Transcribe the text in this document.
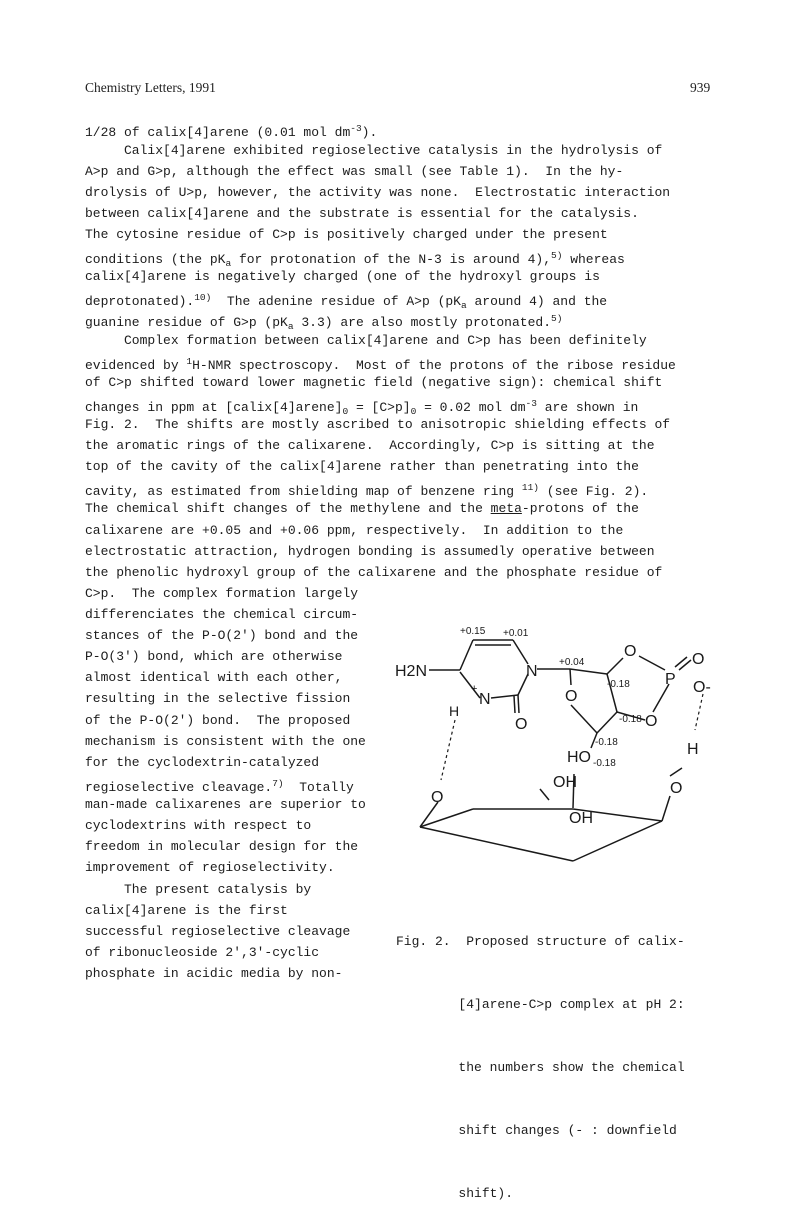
Chemistry Letters, 1991	939

1/28 of calix[4]arene (0.01 mol $dm^{-3}$).

Calix[4]arene exhibited regioselective catalysis in the hydrolysis of

A>p and G>p, although the effect was small (see Table 1).  In the hy-

drolysis of U>p, however, the activity was none.  Electrostatic interaction

between calix[4]arene and the substrate is essential for the catalysis.

The cytosine residue of C>p is positively charged under the present

conditions (the $pK_a$ for protonation of the N-3 is around 4),$^{5)}$ whereas

calix[4]arene is negatively charged (one of the hydroxyl groups is

deprotonated).$^{10)}$  The adenine residue of A>p ($pK_a$ around 4) and the

guanine residue of G>p ($pK_a$ 3.3) are also mostly protonated.$^{5)}$

Complex formation between calix[4]arene and C>p has been definitely

evidenced by $^1$H-NMR spectroscopy.  Most of the protons of the ribose residue

of C>p shifted toward lower magnetic field (negative sign): chemical shift

changes in ppm at $[calix[4]arene]_0 = [C>p]_0 = 0.02$ mol $dm^{-3}$ are shown in

Fig. 2.  The shifts are mostly ascribed to anisotropic shielding effects of

the aromatic rings of the calixarene.  Accordingly, C>p is sitting at the

top of the cavity of the calix[4]arene rather than penetrating into the

cavity, as estimated from shielding map of benzene ring $^{11)}$ (see Fig. 2).

The chemical shift changes of the methylene and the meta-protons of the

calixarene are +0.05 and +0.06 ppm, respectively.  In addition to the

electrostatic attraction, hydrogen bonding is assumedly operative between

the phenolic hydroxyl group of the calixarene and the phosphate residue of

C>p.  The complex formation largely

differenciates the chemical circum-

stances of the P-O(2') bond and the

P-O(3') bond, which are otherwise

almost identical with each other,

resulting in the selective fission

of the P-O(2') bond.  The proposed

mechanism is consistent with the one

for the cyclodextrin-catalyzed

regioselective cleavage.$^{7)}$  Totally

man-made calixarenes are superior to

cyclodextrins with respect to

freedom in molecular design for the

improvement of regioselectivity.

The present catalysis by

calix[4]arene is the first

successful regioselective cleavage

of ribonucleoside 2',3'-cyclic

phosphate in acidic media by non-

+0.15 +0.01
+0.04
-0.18
-0.18
-0.18
-0.18
H2N	N
N
+
H
O
O
O
O
O
P O-
HO	H
O
O
OH
OH

Fig. 2.  Proposed structure of calix-

[4]arene-C>p complex at pH 2:

the numbers show the chemical

shift changes (- : downfield

shift).
